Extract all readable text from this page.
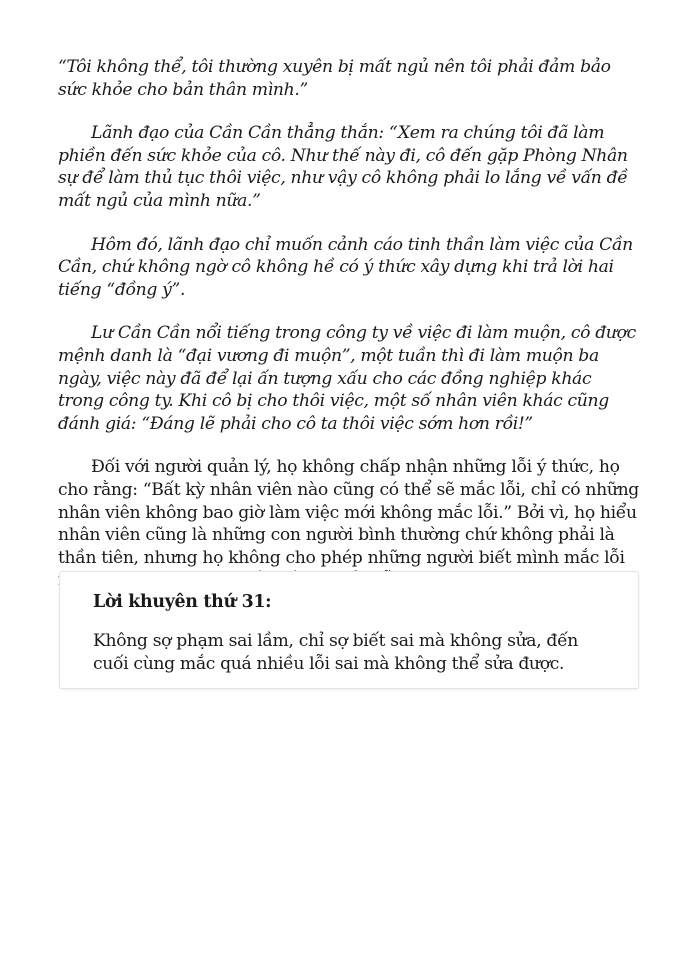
“Tôi không thể, tôi thường xuyên bị mất ngủ nên tôi phải đảm bảo
sức khỏe cho bản thân mình.”

Lãnh đạo của Cần Cần thẳng thắn: “Xem ra chúng tôi đã làm
phiền đến sức khỏe của cô. Như thế này đi, cô đến gặp Phòng Nhân
sự để làm thủ tục thôi việc, như vậy cô không phải lo lắng về vấn đề
mất ngủ của mình nữa.”

Hôm đó, lãnh đạo chỉ muốn cảnh cáo tinh thần làm việc của Cần
Cần, chứ không ngờ cô không hề có ý thức xây dựng khi trả lời hai
tiếng “đồng ý”.

Lư Cần Cần nổi tiếng trong công ty về việc đi làm muộn, cô được
mệnh danh là “đại vương đi muộn”, một tuần thì đi làm muộn ba
ngày, việc này đã để lại ấn tượng xấu cho các đồng nghiệp khác
trong công ty. Khi cô bị cho thôi việc, một số nhân viên khác cũng
đánh giá: “Đáng lẽ phải cho cô ta thôi việc sớm hơn rồi!”

Đối với người quản lý, họ không chấp nhận những lỗi ý thức, họ
cho rằng: “Bất kỳ nhân viên nào cũng có thể sẽ mắc lỗi, chỉ có những
nhân viên không bao giờ làm việc mới không mắc lỗi.” Bởi vì, họ hiểu
nhân viên cũng là những con người bình thường chứ không phải là
thần tiên, nhưng họ không cho phép những người biết mình mắc lỗi

Lời khuyên thứ 31:
Không sợ phạm sai lầm, chỉ sợ biết sai mà không sửa, đến
cuối cùng mắc quá nhiều lỗi sai mà không thể sửa được.
